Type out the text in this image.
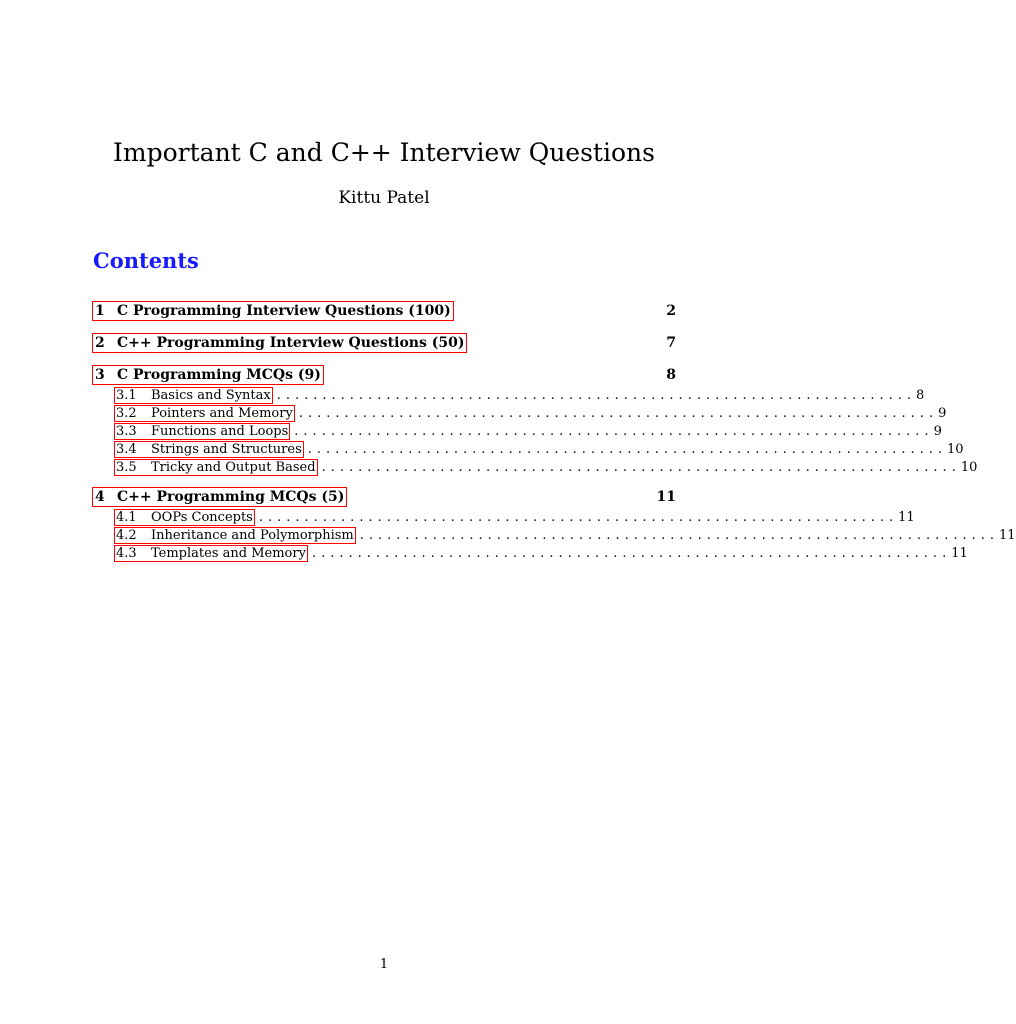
Important C and C++ Interview Questions
Kittu Patel
Contents
1 C Programming Interview Questions (100)	2
2 C++ Programming Interview Questions (50)	7
3 C Programming MCQs (9)	8
3.1 Basics and Syntax ...................................................................... 8
3.2 Pointers and Memory ...................................................................... 9
3.3 Functions and Loops ...................................................................... 9
3.4 Strings and Structures ...................................................................... 10
3.5 Tricky and Output Based ...................................................................... 10
4 C++ Programming MCQs (5)	11
4.1 OOPs Concepts ...................................................................... 11
4.2 Inheritance and Polymorphism ...................................................................... 11
4.3 Templates and Memory ...................................................................... 11
1
